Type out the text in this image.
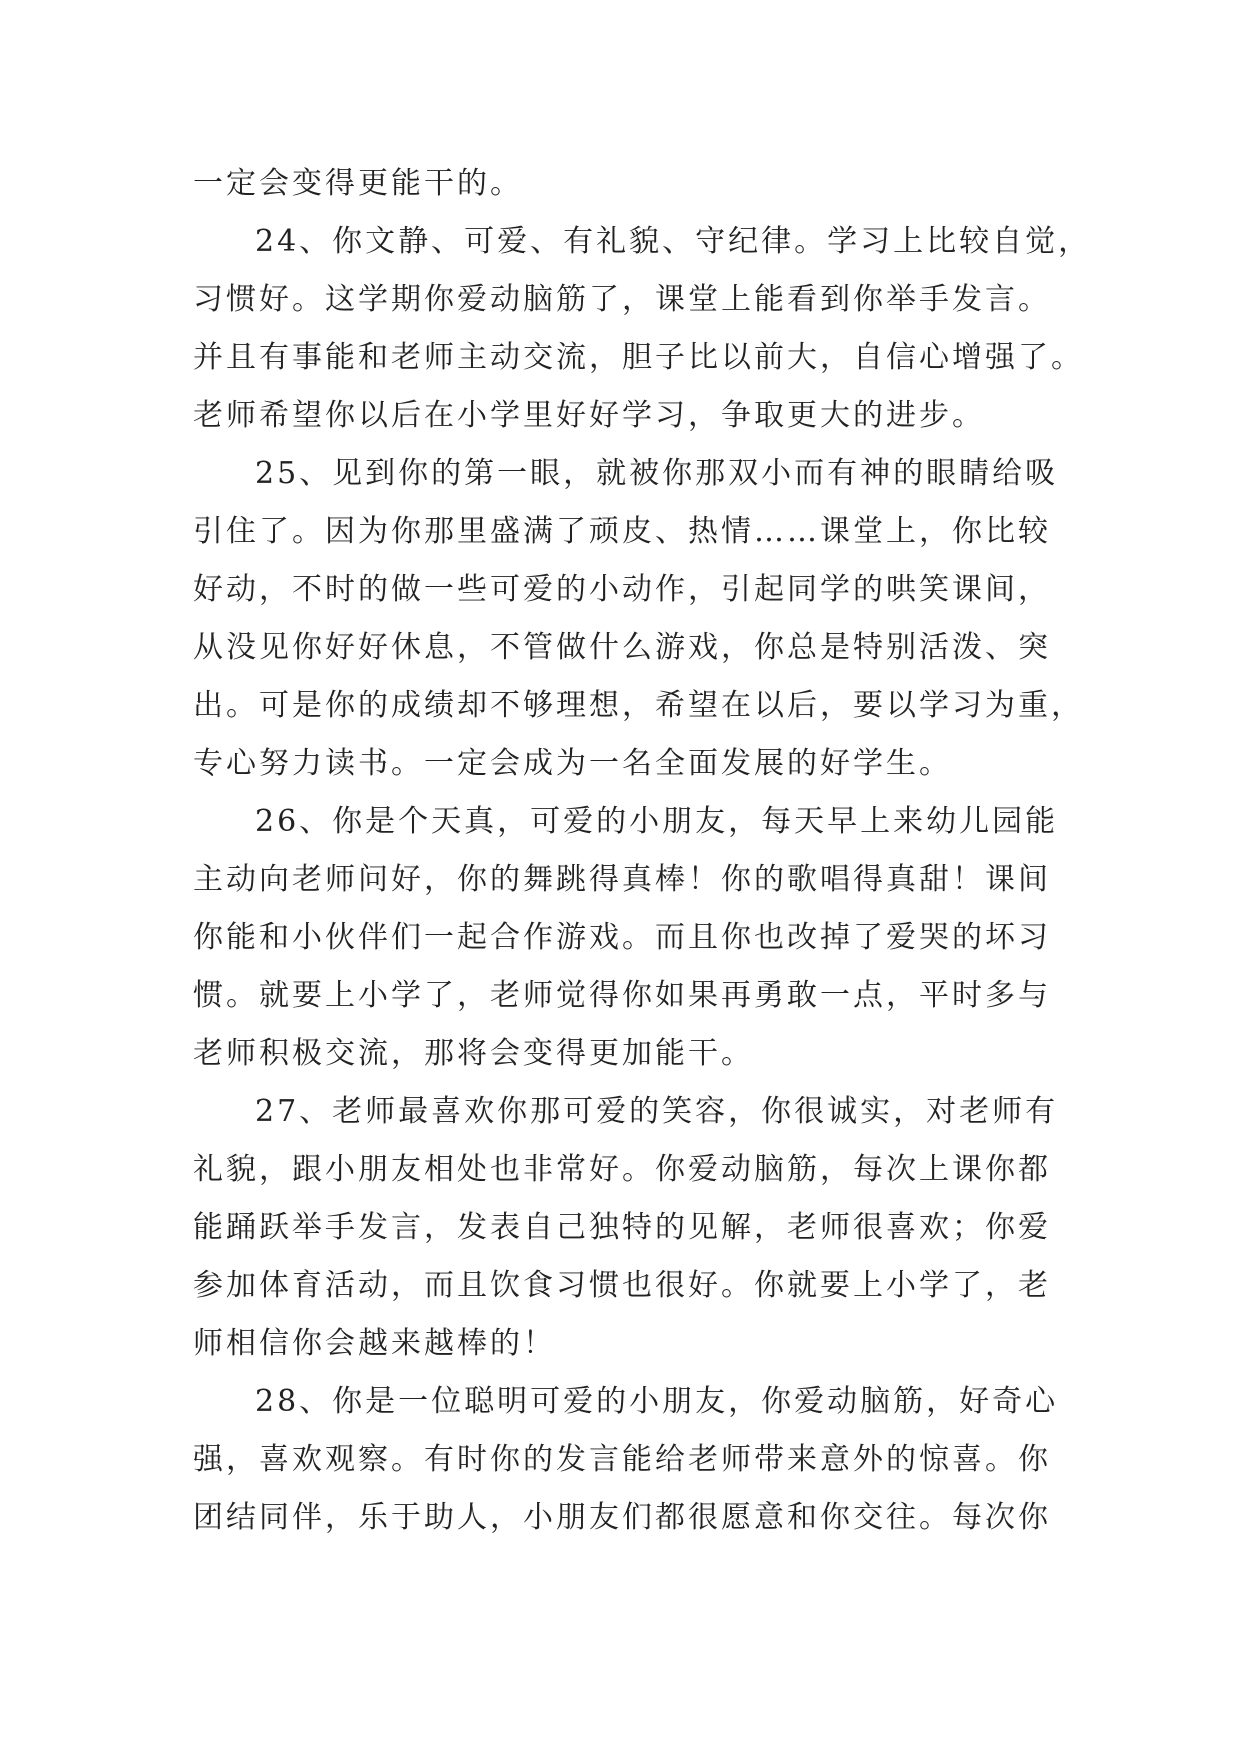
一定会变得更能干的。
24、你文静、可爱、有礼貌、守纪律。学习上比较自觉，
习惯好。这学期你爱动脑筋了，课堂上能看到你举手发言。
并且有事能和老师主动交流，胆子比以前大，自信心增强了。
老师希望你以后在小学里好好学习，争取更大的进步。
25、见到你的第一眼，就被你那双小而有神的眼睛给吸
引住了。因为你那里盛满了顽皮、热情……课堂上，你比较
好动，不时的做一些可爱的小动作，引起同学的哄笑课间，
从没见你好好休息，不管做什么游戏，你总是特别活泼、突
出。可是你的成绩却不够理想，希望在以后，要以学习为重，
专心努力读书。一定会成为一名全面发展的好学生。
26、你是个天真，可爱的小朋友，每天早上来幼儿园能
主动向老师问好，你的舞跳得真棒！你的歌唱得真甜！课间
你能和小伙伴们一起合作游戏。而且你也改掉了爱哭的坏习
惯。就要上小学了，老师觉得你如果再勇敢一点，平时多与
老师积极交流，那将会变得更加能干。
27、老师最喜欢你那可爱的笑容，你很诚实，对老师有
礼貌，跟小朋友相处也非常好。你爱动脑筋，每次上课你都
能踊跃举手发言，发表自己独特的见解，老师很喜欢；你爱
参加体育活动，而且饮食习惯也很好。你就要上小学了，老
师相信你会越来越棒的！
28、你是一位聪明可爱的小朋友，你爱动脑筋，好奇心
强，喜欢观察。有时你的发言能给老师带来意外的惊喜。你
团结同伴，乐于助人，小朋友们都很愿意和你交往。每次你
